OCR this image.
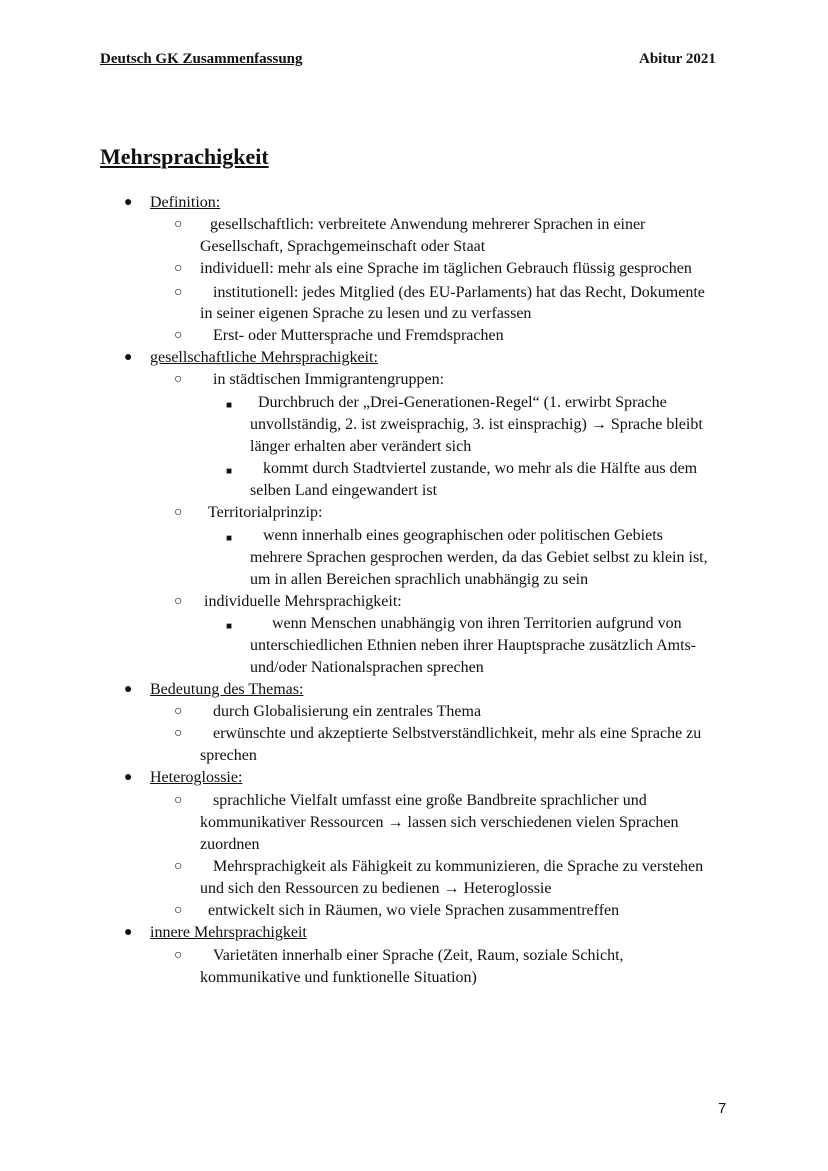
Deutsch GK Zusammenfassung	Abitur 2021
Mehrsprachigkeit
● Definition:
○ gesellschaftlich: verbreitete Anwendung mehrerer Sprachen in einer
Gesellschaft, Sprachgemeinschaft oder Staat
○ individuell: mehr als eine Sprache im täglichen Gebrauch flüssig gesprochen
○ institutionell: jedes Mitglied (des EU-Parlaments) hat das Recht, Dokumente
in seiner eigenen Sprache zu lesen und zu verfassen
○ Erst- oder Muttersprache und Fremdsprachen
● gesellschaftliche Mehrsprachigkeit:
○ in städtischen Immigrantengruppen:
■ Durchbruch der „Drei-Generationen-Regel“ (1. erwirbt Sprache
unvollständig, 2. ist zweisprachig, 3. ist einsprachig) → Sprache bleibt
länger erhalten aber verändert sich
■ kommt durch Stadtviertel zustande, wo mehr als die Hälfte aus dem
selben Land eingewandert ist
○ Territorialprinzip:
■ wenn innerhalb eines geographischen oder politischen Gebiets
mehrere Sprachen gesprochen werden, da das Gebiet selbst zu klein ist,
um in allen Bereichen sprachlich unabhängig zu sein
○ individuelle Mehrsprachigkeit:
■ wenn Menschen unabhängig von ihren Territorien aufgrund von
unterschiedlichen Ethnien neben ihrer Hauptsprache zusätzlich Amts-
und/oder Nationalsprachen sprechen
● Bedeutung des Themas:
○ durch Globalisierung ein zentrales Thema
○ erwünschte und akzeptierte Selbstverständlichkeit, mehr als eine Sprache zu
sprechen
● Heteroglossie:
○ sprachliche Vielfalt umfasst eine große Bandbreite sprachlicher und
kommunikativer Ressourcen → lassen sich verschiedenen vielen Sprachen
zuordnen
○ Mehrsprachigkeit als Fähigkeit zu kommunizieren, die Sprache zu verstehen
und sich den Ressourcen zu bedienen → Heteroglossie
○ entwickelt sich in Räumen, wo viele Sprachen zusammentreffen
● innere Mehrsprachigkeit
○ Varietäten innerhalb einer Sprache (Zeit, Raum, soziale Schicht,
kommunikative und funktionelle Situation)
7
